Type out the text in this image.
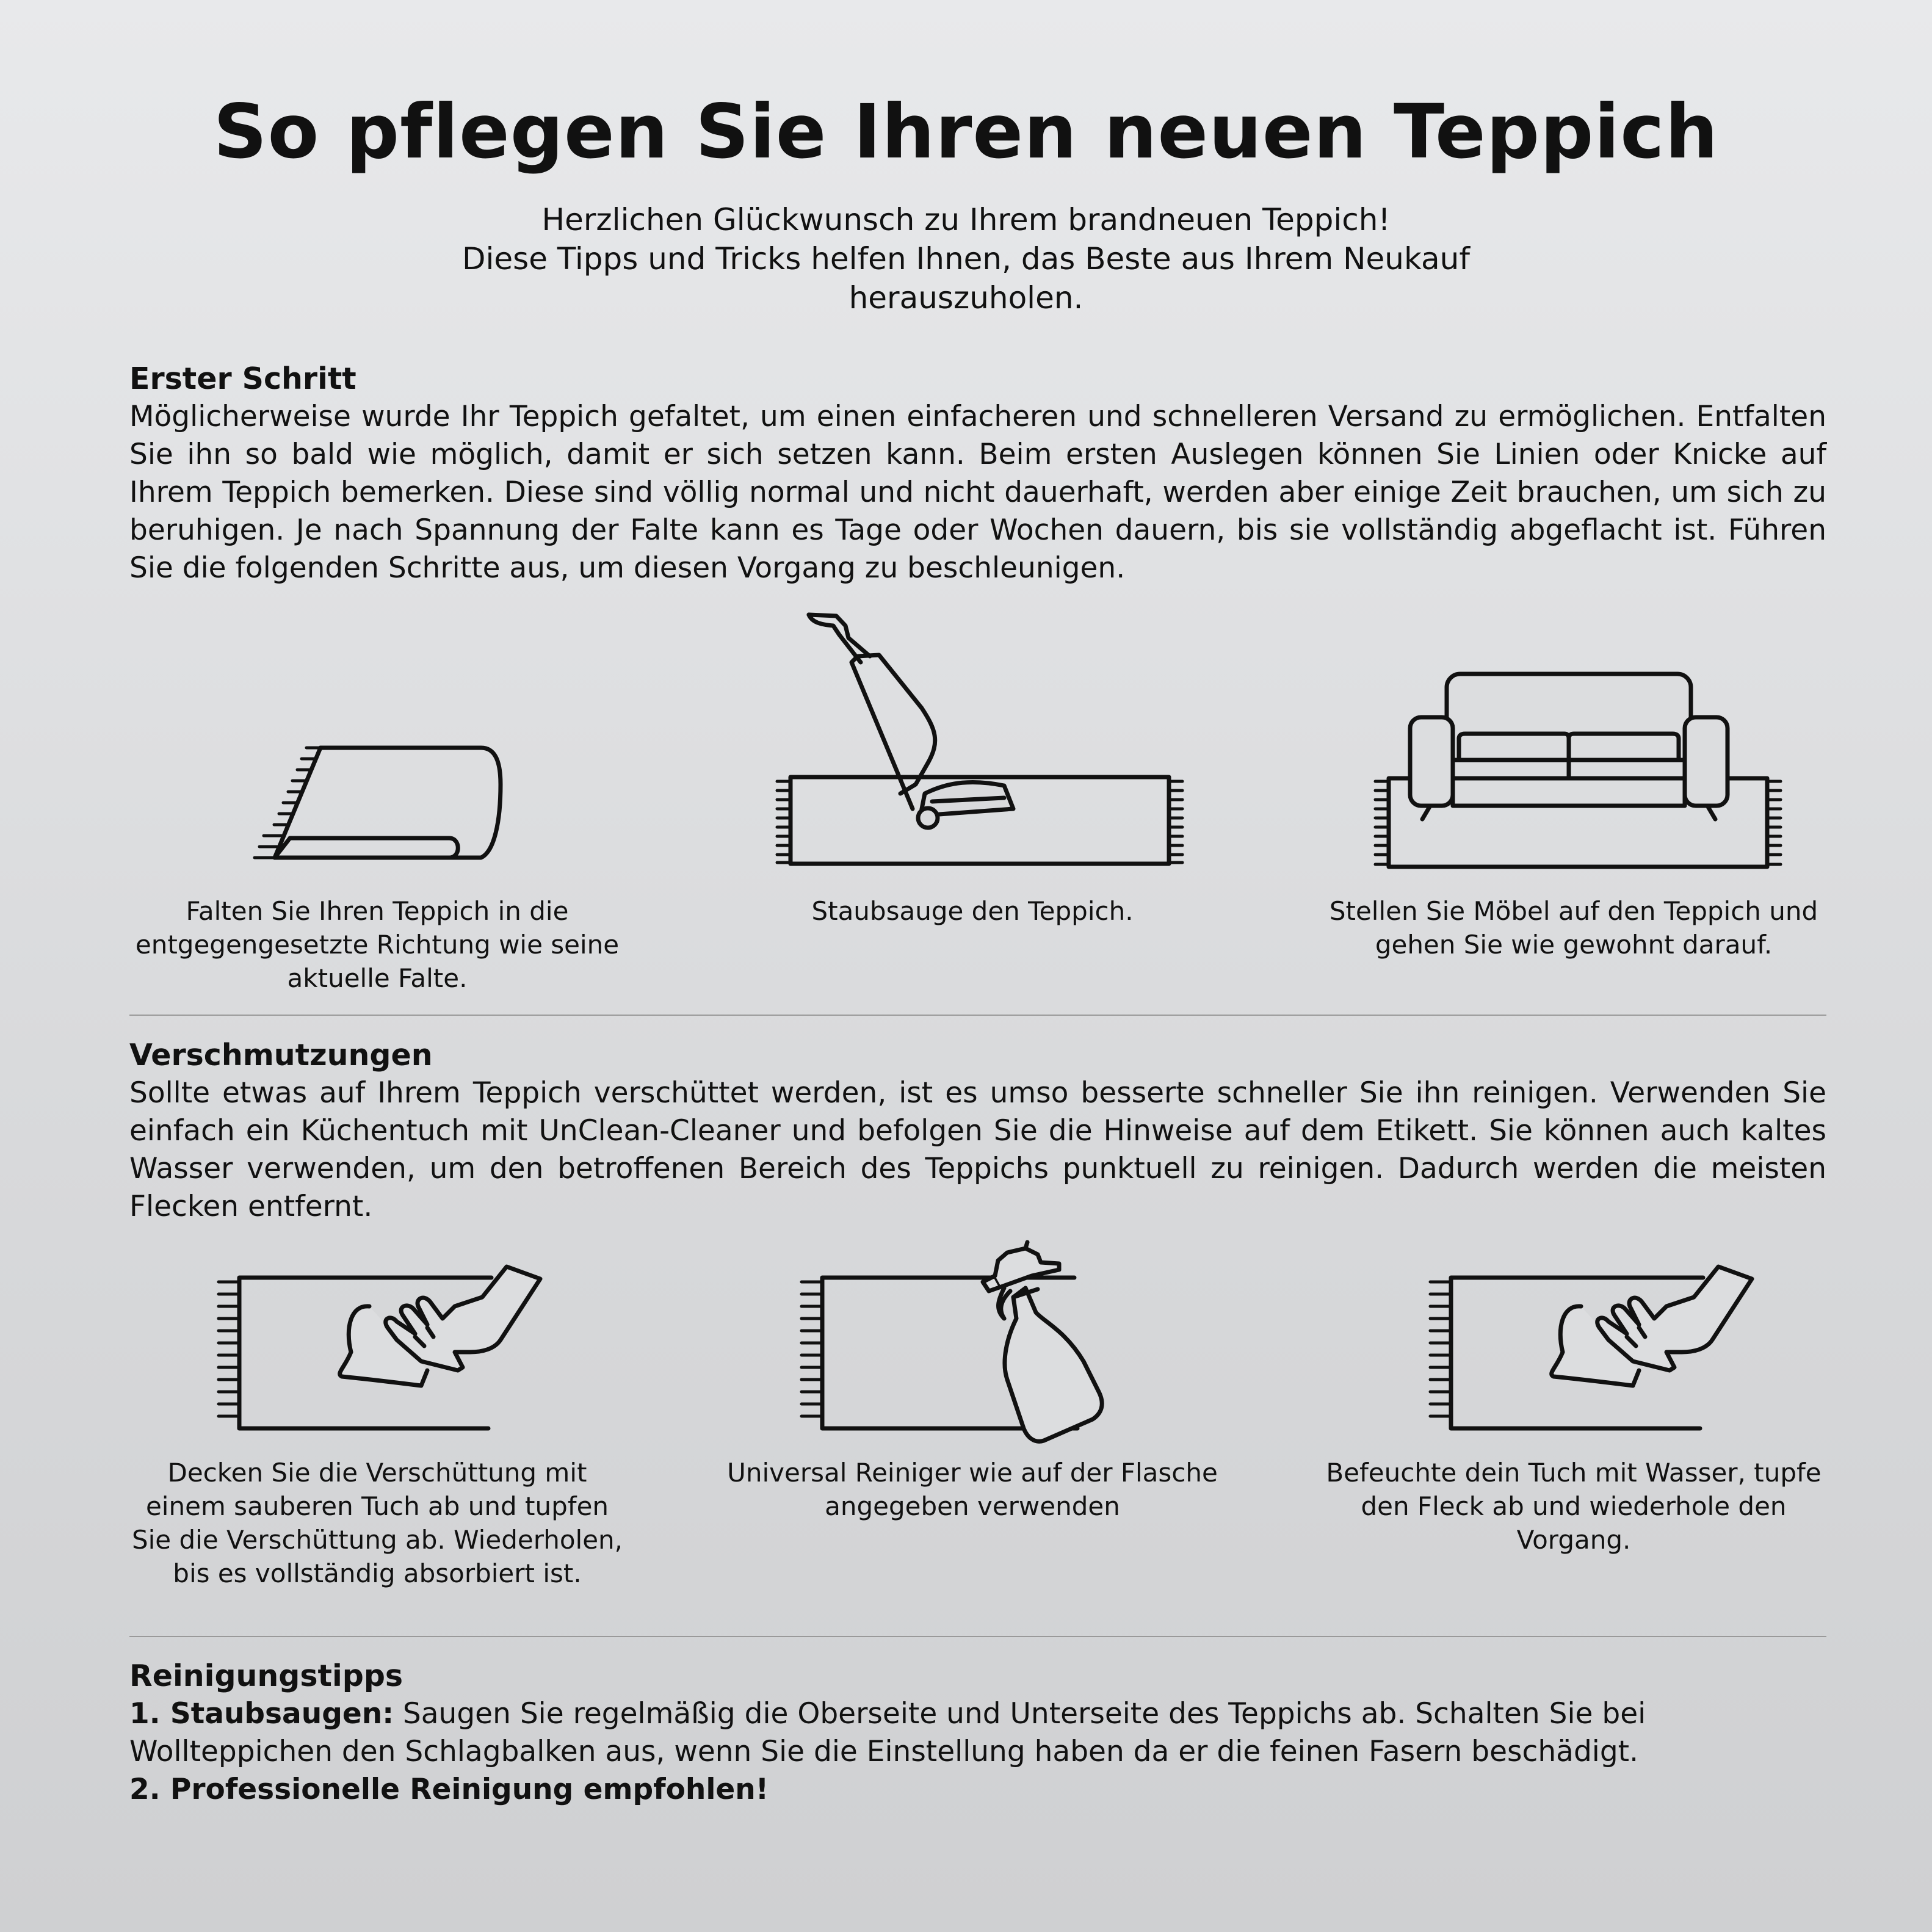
So pflegen Sie Ihren neuen Teppich
Herzlichen Glückwunsch zu Ihrem brandneuen Teppich!
Diese Tipps und Tricks helfen Ihnen, das Beste aus Ihrem Neukauf
herauszuholen.

Erster Schritt

Möglicherweise wurde Ihr Teppich gefaltet, um einen einfacheren und schnelleren Versand zu ermöglichen. Entfalten Sie ihn so bald wie möglich, damit er sich setzen kann. Beim ersten Auslegen können Sie Linien oder Knicke auf Ihrem Teppich bemerken. Diese sind völlig normal und nicht dauerhaft, werden aber einige Zeit brauchen, um sich zu beruhigen. Je nach Spannung der Falte kann es Tage oder Wochen dauern, bis sie vollständig abgeflacht ist. Führen Sie die folgenden Schritte aus, um diesen Vorgang zu beschleunigen.

Falten Sie Ihren Teppich in die
entgegengesetzte Richtung wie seine
aktuelle Falte.
Staubsauge den Teppich.	Stellen Sie Möbel auf den Teppich und
gehen Sie wie gewohnt darauf.

Verschmutzungen

Sollte etwas auf Ihrem Teppich verschüttet werden, ist es umso besserte schneller Sie ihn reinigen. Verwenden Sie einfach ein Küchentuch mit UnClean-Cleaner und befolgen Sie die Hinweise auf dem Etikett. Sie können auch kaltes Wasser verwenden, um den betroffenen Bereich des Teppichs punktuell zu reinigen. Dadurch werden die meisten Flecken entfernt.

Decken Sie die Verschüttung mit
einem sauberen Tuch ab und tupfen
Sie die Verschüttung ab. Wiederholen,
bis es vollständig absorbiert ist.
Universal Reiniger wie auf der Flasche
angegeben verwenden
Befeuchte dein Tuch mit Wasser, tupfe
den Fleck ab und wiederhole den
Vorgang.

Reinigungstipps

1. Staubsaugen: Saugen Sie regelmäßig die Oberseite und Unterseite des Teppichs ab. Schalten Sie bei Wollteppichen den Schlagbalken aus, wenn Sie die Einstellung haben da er die feinen Fasern beschädigt.

2. Professionelle Reinigung empfohlen!
